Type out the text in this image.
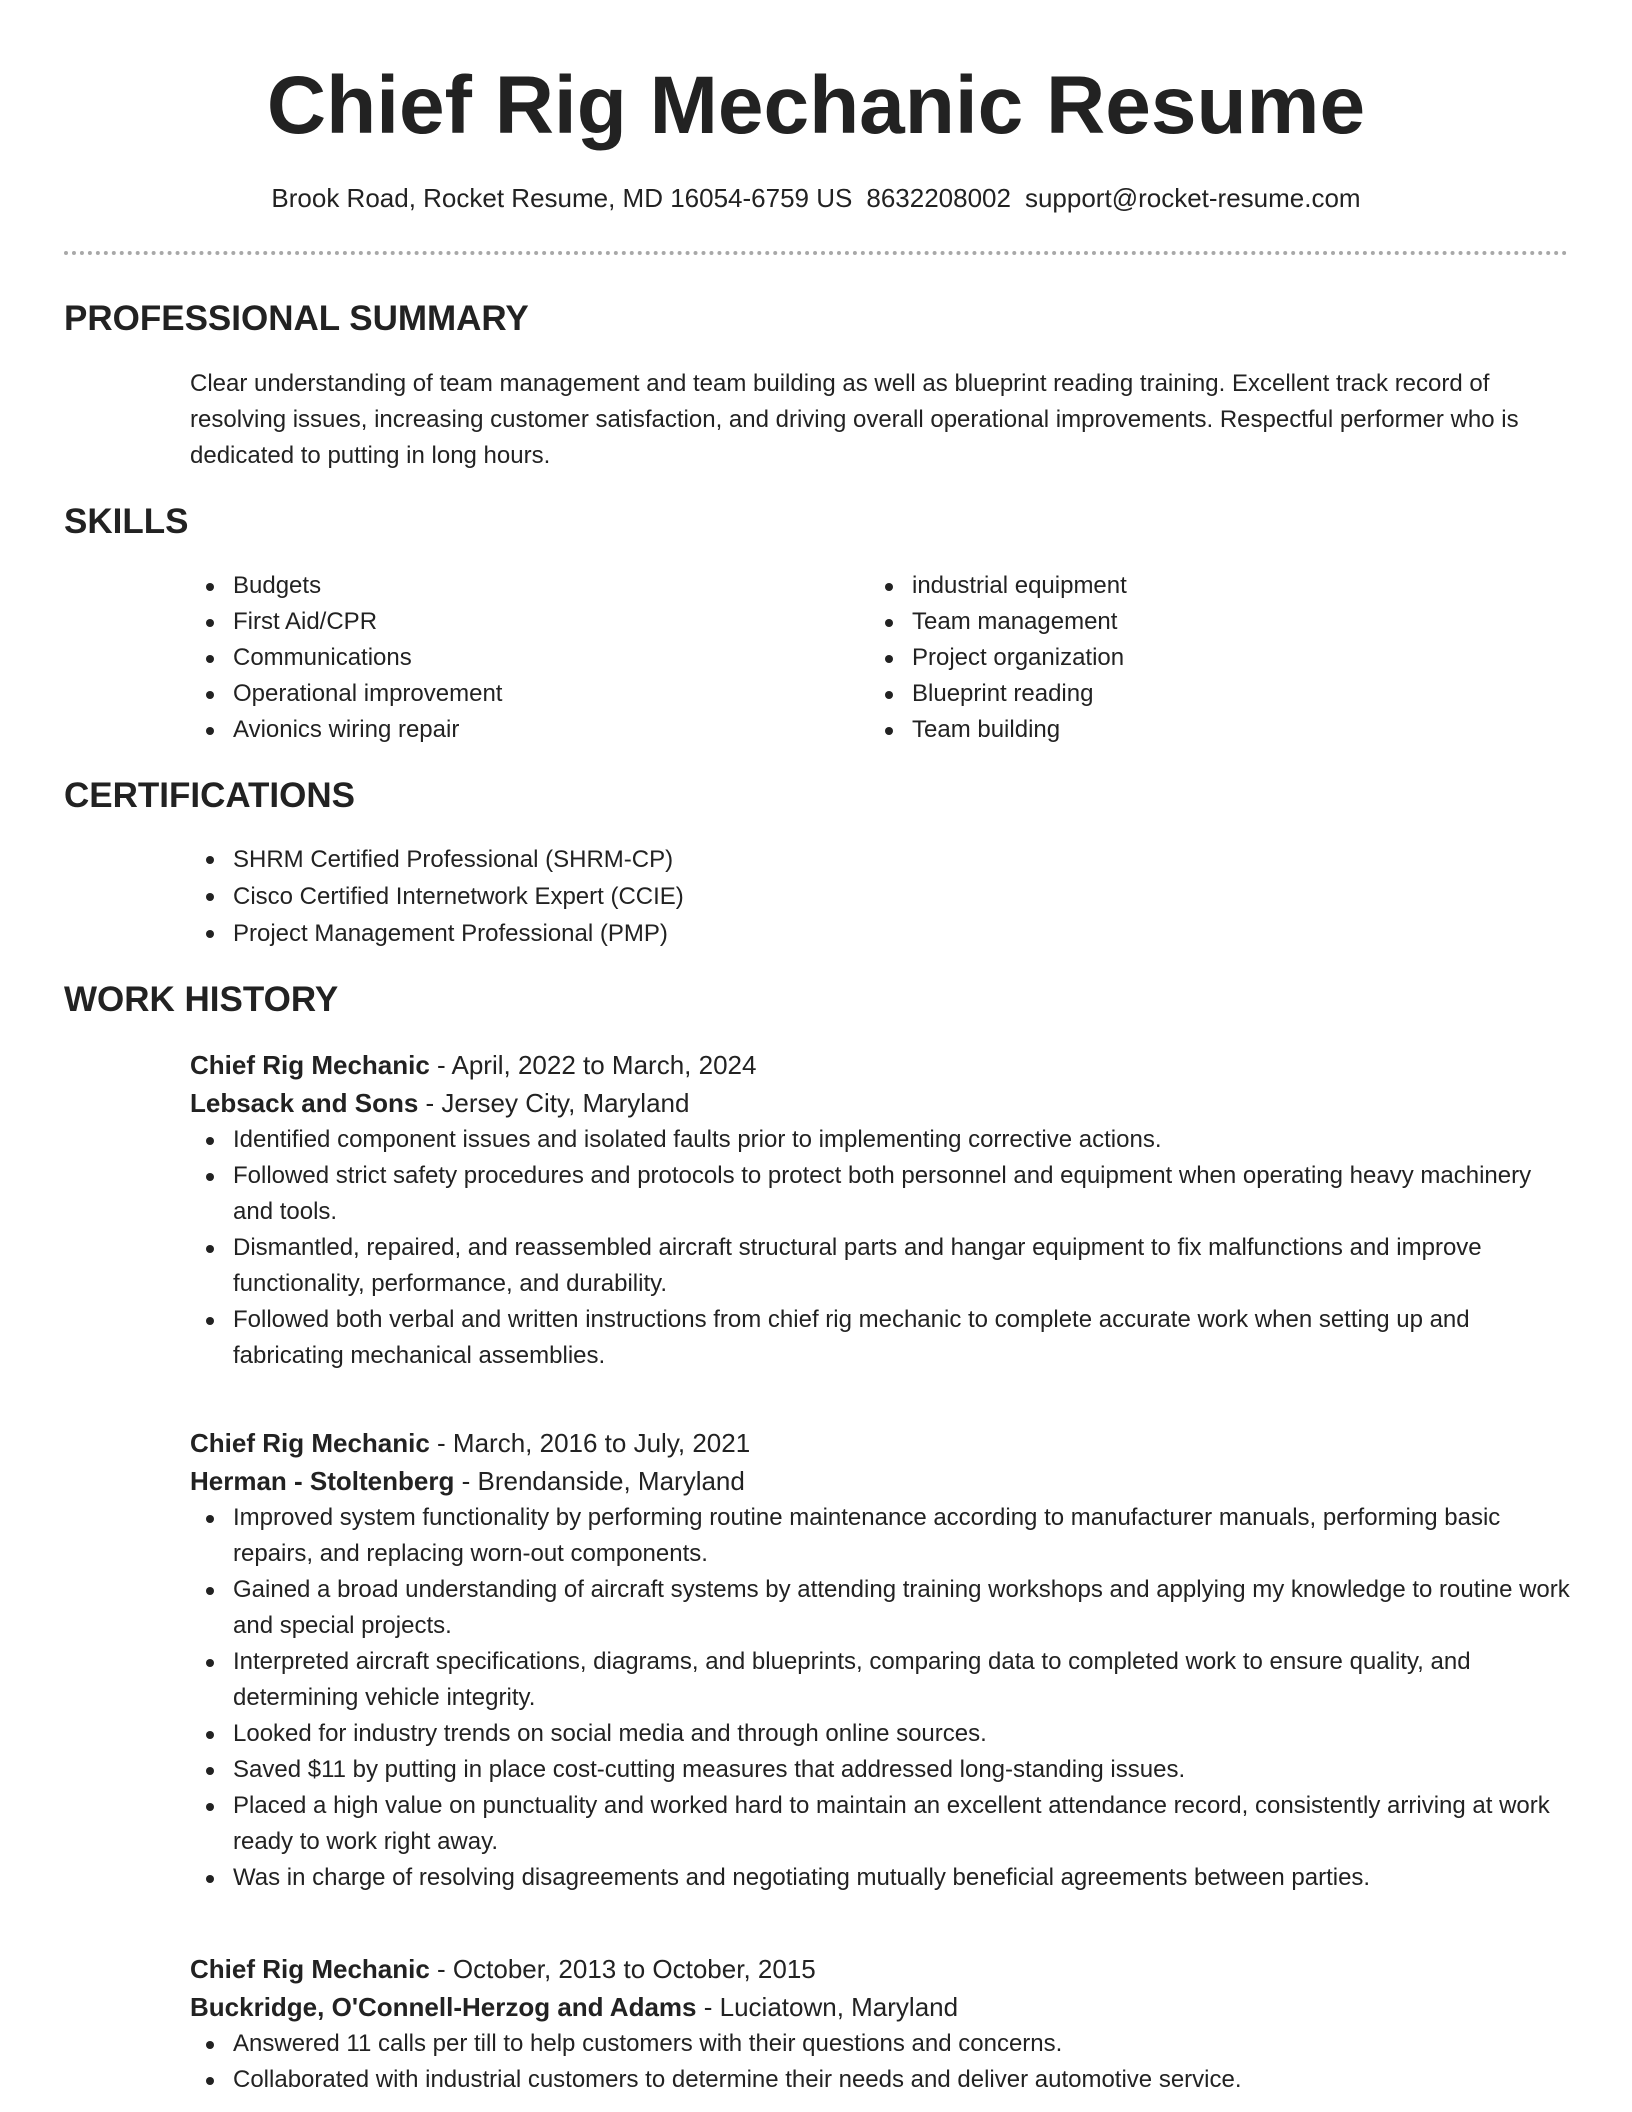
Chief Rig Mechanic Resume
Brook Road, Rocket Resume, MD 16054-6759 US 8632208002 support@rocket-resume.com
PROFESSIONAL SUMMARY

Clear understanding of team management and team building as well as blueprint reading training. Excellent track record of resolving issues, increasing customer satisfaction, and driving overall operational improvements. Respectful performer who is dedicated to putting in long hours.

SKILLS
Budgets
First Aid/CPR
Communications
Operational improvement
Avionics wiring repair
industrial equipment
Team management
Project organization
Blueprint reading
Team building
CERTIFICATIONS
SHRM Certified Professional (SHRM-CP)
Cisco Certified Internetwork Expert (CCIE)
Project Management Professional (PMP)
WORK HISTORY
Chief Rig Mechanic - April, 2022 to March, 2024
Lebsack and Sons - Jersey City, Maryland
Identified component issues and isolated faults prior to implementing corrective actions.
Followed strict safety procedures and protocols to protect both personnel and equipment when operating heavy machinery and tools.
Dismantled, repaired, and reassembled aircraft structural parts and hangar equipment to fix malfunctions and improve functionality, performance, and durability.
Followed both verbal and written instructions from chief rig mechanic to complete accurate work when setting up and fabricating mechanical assemblies.
Chief Rig Mechanic - March, 2016 to July, 2021
Herman - Stoltenberg - Brendanside, Maryland
Improved system functionality by performing routine maintenance according to manufacturer manuals, performing basic repairs, and replacing worn-out components.
Gained a broad understanding of aircraft systems by attending training workshops and applying my knowledge to routine work and special projects.
Interpreted aircraft specifications, diagrams, and blueprints, comparing data to completed work to ensure quality, and determining vehicle integrity.
Looked for industry trends on social media and through online sources.
Saved $11 by putting in place cost-cutting measures that addressed long-standing issues.
Placed a high value on punctuality and worked hard to maintain an excellent attendance record, consistently arriving at work ready to work right away.
Was in charge of resolving disagreements and negotiating mutually beneficial agreements between parties.
Chief Rig Mechanic - October, 2013 to October, 2015
Buckridge, O'Connell-Herzog and Adams - Luciatown, Maryland
Answered 11 calls per till to help customers with their questions and concerns.
Collaborated with industrial customers to determine their needs and deliver automotive service.
